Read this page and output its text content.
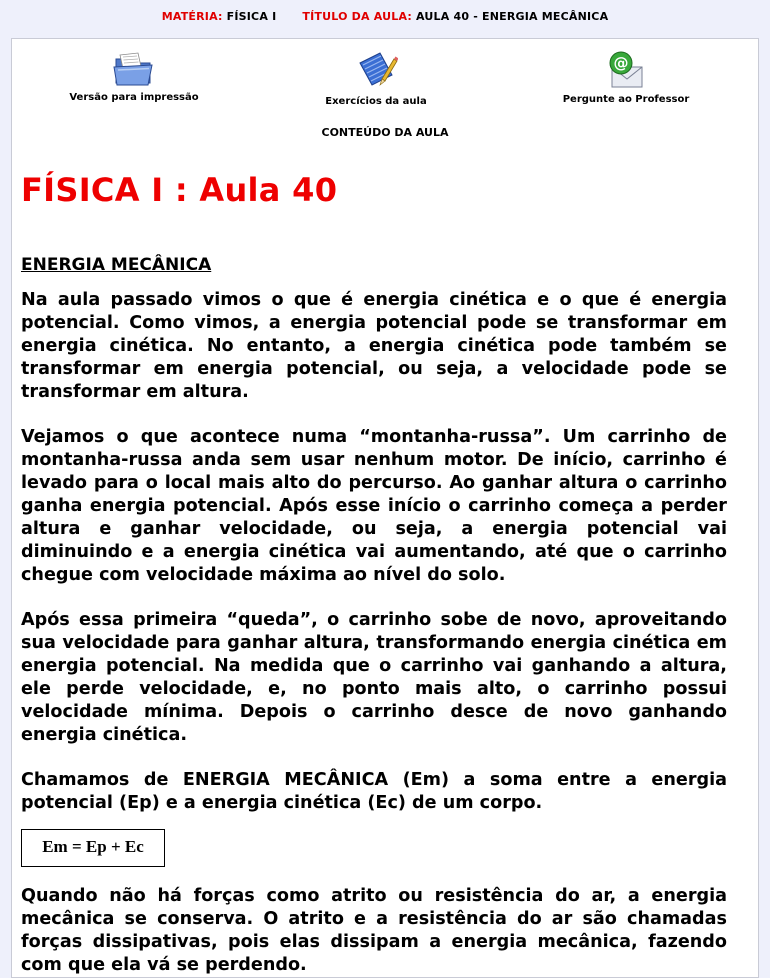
MATÉRIA: FÍSICA I TÍTULO DA AULA: AULA 40 - ENERGIA MECÂNICA
Versão para impressão	Exercícios da aula
@
Pergunte ao Professor
CONTEÚDO DA AULA
FÍSICA I : Aula 40
ENERGIA MECÂNICA

Na aula passado vimos o que é energia cinética e o que é energia potencial. Como vimos, a energia potencial pode se transformar em energia cinética. No entanto, a energia cinética pode também se transformar em energia potencial, ou seja, a velocidade pode se transformar em altura.

Vejamos o que acontece numa “montanha-russa”. Um carrinho de montanha-russa anda sem usar nenhum motor. De início, carrinho é levado para o local mais alto do percurso. Ao ganhar altura o carrinho ganha energia potencial. Após esse início o carrinho começa a perder altura e ganhar velocidade, ou seja, a energia potencial vai diminuindo e a energia cinética vai aumentando, até que o carrinho chegue com velocidade máxima ao nível do solo.

Após essa primeira “queda”, o carrinho sobe de novo, aproveitando sua velocidade para ganhar altura, transformando energia cinética em energia potencial. Na medida que o carrinho vai ganhando a altura, ele perde velocidade, e, no ponto mais alto, o carrinho possui velocidade mínima. Depois o carrinho desce de novo ganhando energia cinética.

Chamamos de ENERGIA MECÂNICA (Em) a soma entre a energia potencial (Ep) e a energia cinética (Ec) de um corpo.

Em = Ep + Ec

Quando não há forças como atrito ou resistência do ar, a energia mecânica se conserva. O atrito e a resistência do ar são chamadas forças dissipativas, pois elas dissipam a energia mecânica, fazendo com que ela vá se perdendo.
